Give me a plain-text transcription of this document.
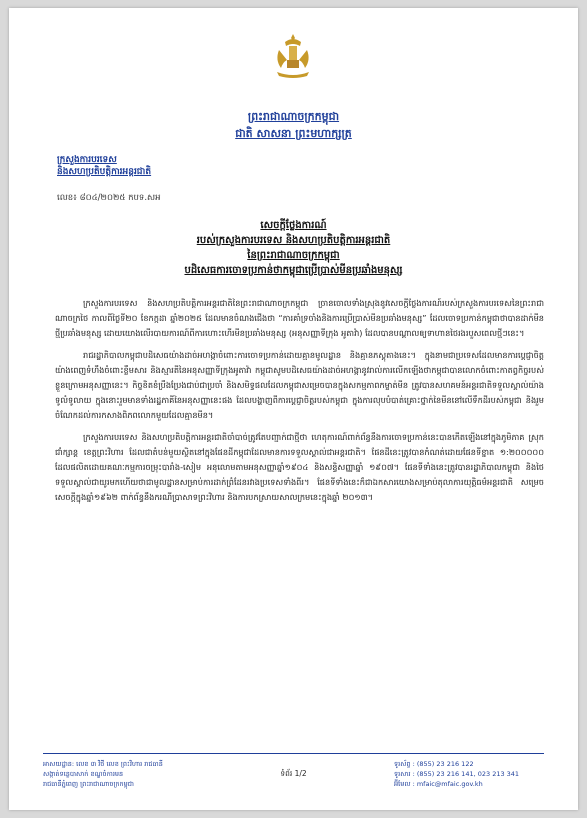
ព្រះរាជាណាចក្រកម្ពុជា
ជាតិ សាសនា ព្រះមហាក្សត្រ
ក្រសួងការបរទេស
និងសហប្រតិបត្តិការអន្តរជាតិ
លេខ៖ ៨០៤/២០២៥ កបទ.សអ
សេចក្តីថ្លែងការណ៍
របស់ក្រសួងការបរទេស និងសហប្រតិបត្តិការអន្តរជាតិ
នៃព្រះរាជាណាចក្រកម្ពុជា
បដិសេធការចោទប្រកាន់ថាកម្ពុជាប្រើប្រាស់មីនប្រឆាំងមនុស្ស

ក្រសួងការបរទេស និងសហប្រតិបត្តិការអន្តរជាតិនៃព្រះរាជាណាចក្រកម្ពុជា ច្រានចោលទាំងស្រុងនូវសេចក្តីថ្លែងការណ៍របស់ក្រសួងការបរទេសនៃព្រះរាជាណាចក្រថៃ កាលពីថ្ងៃទី២០ ខែកក្កដា ឆ្នាំ២០២៥ ដែលមានចំណងជើងថា “ការគាំទ្រចាំងនិងការប្រើប្រាស់មីនប្រឆាំងមនុស្ស” ដែលចោទប្រកាន់កម្ពុជាថាបានដាក់មីនថ្មីប្រឆាំងមនុស្ស ដោយយោងលើរបាយការណ៍ពីការហោះហើរមីនប្រឆាំងមនុស្ស (អនុសញ្ញាទីក្រុង អូតាវ៉ា) ដែលបានបណ្តាលឲ្យទាហានថៃរងរបួសពេលថ្មីៗនេះ។

រាជរដ្ឋាភិបាលកម្ពុជាបដិសេធយ៉ាងដាច់អហង្កាចំពោះការចោទប្រកាន់ដោយគ្មានមូលដ្ឋាន និងគ្មានភស្តុតាងនេះ។ ក្នុងនាមជាប្រទេសដែលមានការប្តេជ្ញាចិត្តយ៉ាងពេញទំហឹងចំពោះខ្លឹមសារ និងស្មារតីនៃអនុសញ្ញាទីក្រុងអូតាវ៉ា កម្ពុជាសូមបដិសេធយ៉ាងដាច់អហង្កានូវរាល់ការលើកឡើងថាកម្ពុជាបានលោកចំពោះកាតព្វកិច្ចរបស់ខ្លួនក្រោមអនុសញ្ញានេះ។ កិច្ចខិតខំប្រឹងប្រែងជាប់ជាប្រចាំ និងសមិទ្ធផលដែលកម្ពុជាសម្រេចបានក្នុងសកម្មភាពកម្ចាត់មីន ត្រូវបានសហគមន៍អន្តរជាតិទទួលស្គាល់យ៉ាងទូលំទូលាយ ក្នុងនោះរួមមានទាំងរដ្ឋភាគីនៃអនុសញ្ញានេះផង ដែលបង្ហាញពីការប្តេជ្ញាចិត្តរបស់កម្ពុជា ក្នុងការលុបបំបាត់គ្រោះថ្នាក់នៃមីននៅលើទឹកដីរបស់កម្ពុជា និងរួមចំណែកដល់ការកសាងពិភពលោកមួយដែលគ្មានមីន។

ក្រសួងការបរទេស និងសហប្រតិបត្តិការអន្តរជាតិចាំបាច់ត្រូវតែបញ្ជាក់ជាថ្មីថា ហេតុការណ៍ពាក់ព័ន្ធនឹងការចោទប្រកាន់នេះបានកើតឡើងនៅក្នុងភូមិភាគ ស្រុកជាំក្សាន្ត ខេត្តព្រះវិហារ ដែលជាតំបន់មួយស្ថិតនៅក្នុងផែនដីកម្ពុជាដែលមានការទទួលស្គាល់ជាអន្តរជាតិ។ ផែនដីនេះត្រូវបានកំណត់ដោយផែនទីខ្នាត ១:២០០០០០ ដែលផលិតដោយគណៈកម្មការចម្រុះបារាំង-សៀម អនុលោមតាមអនុសញ្ញាឆ្នាំ១៩០៤ និងសន្ធិសញ្ញាឆ្នាំ ១៩០៧។ ផែនទីទាំងនេះត្រូវបានរដ្ឋាភិបាលកម្ពុជា និងថៃទទួលស្គាល់ជាយូរមកហើយថាជាមូលដ្ឋានសម្រាប់ការដាក់ព្រំដែនរវាងប្រទេសទាំងពីរ។ ផែនទីទាំងនេះក៏ជាឯកសារយោងសម្រាប់តុលាការយុត្តិធម៌អន្តរជាតិ សម្រេចសេចក្តីក្នុងឆ្នាំ១៩៦២ ពាក់ព័ន្ធនឹងករណីប្រាសាទព្រះវិហារ និងការបកស្រាយសាលក្រមនេះក្នុងឆ្នាំ ២០១៣។

អាសយដ្ឋាន: លេខ ៣ វិថី លេខ ព្រះវិហារ រាជធានី
សង្កាត់ទន្លេបាសាក់ ខណ្ឌចំការមន
រាជធានីភ្នំពេញ ព្រះរាជាណាចក្រកម្ពុជា
ទំព័រ 1/2
ទូរស័ព្ទ : (855) 23 216 122
ទូរសារ : (855) 23 216 141, 023 213 341
អ៊ីមែល : mfaic@mfaic.gov.kh
